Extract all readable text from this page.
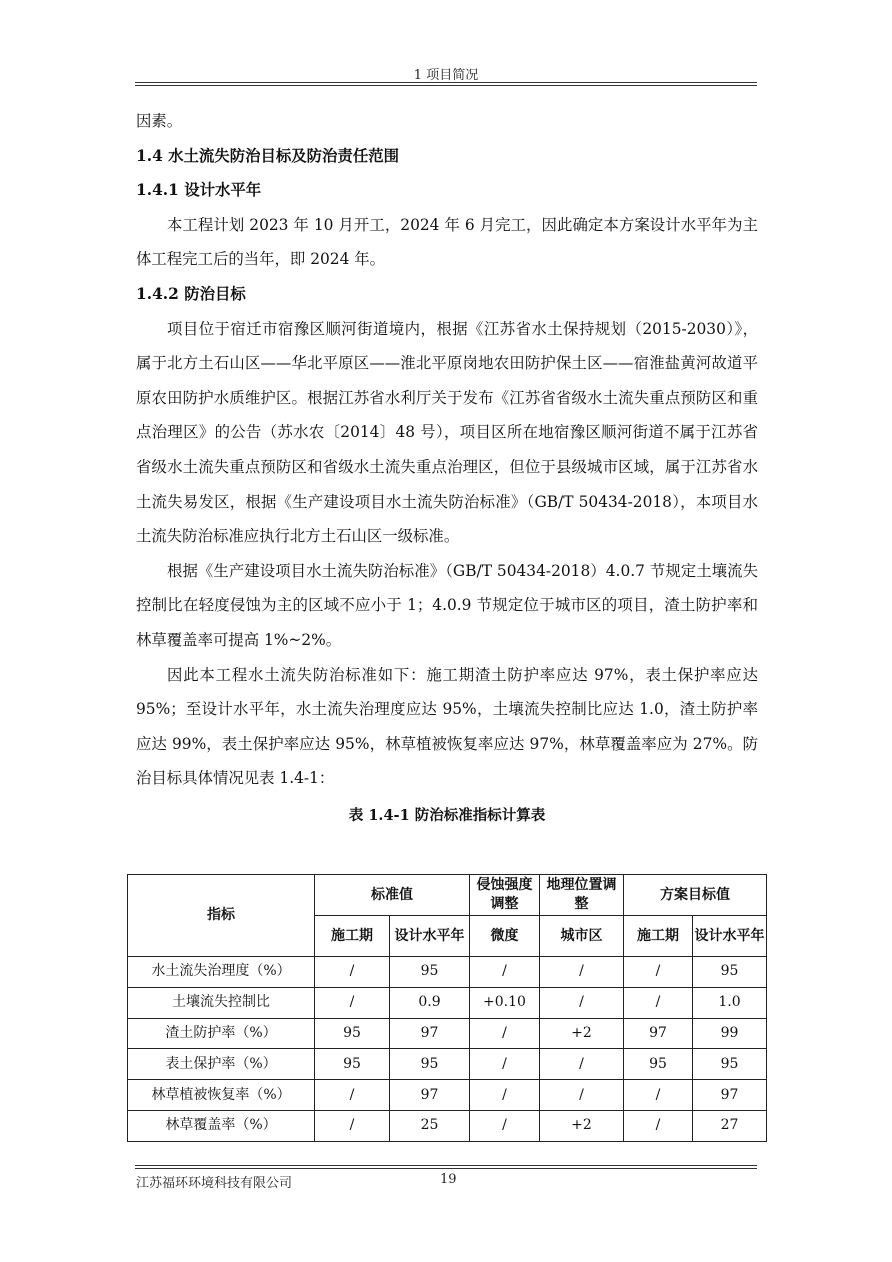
1 项目简况

因素。

1.4 水土流失防治目标及防治责任范围

1.4.1 设计水平年

本工程计划 2023 年 10 月开工，2024 年 6 月完工，因此确定本方案设计水平年为主体工程完工后的当年，即 2024 年。

1.4.2 防治目标

项目位于宿迁市宿豫区顺河街道境内，根据《江苏省水土保持规划（2015-2030）》，属于北方土石山区——华北平原区——淮北平原岗地农田防护保土区——宿淮盐黄河故道平原农田防护水质维护区。根据江苏省水利厅关于发布《江苏省省级水土流失重点预防区和重点治理区》的公告（苏水农〔2014〕48 号），项目区所在地宿豫区顺河街道不属于江苏省省级水土流失重点预防区和省级水土流失重点治理区，但位于县级城市区域，属于江苏省水土流失易发区，根据《生产建设项目水土流失防治标准》（GB/T 50434-2018），本项目水土流失防治标准应执行北方土石山区一级标准。

根据《生产建设项目水土流失防治标准》（GB/T 50434-2018）4.0.7 节规定土壤流失控制比在轻度侵蚀为主的区域不应小于 1；4.0.9 节规定位于城市区的项目，渣土防护率和林草覆盖率可提高 1%~2%。

因此本工程水土流失防治标准如下：施工期渣土防护率应达 97%，表土保护率应达 95%；至设计水平年，水土流失治理度应达 95%，土壤流失控制比应达 1.0，渣土防护率应达 99%，表土保护率应达 95%，林草植被恢复率应达 97%，林草覆盖率应为 27%。防治目标具体情况见表 1.4-1：

表 1.4-1 防治标准指标计算表
指标	标准值		侵蚀强度调整	地理位置调整	方案目标值	
	施工期	设计水平年	微度	城市区	施工期	设计水平年
水土流失治理度（%）	/	95	/	/	/	95
土壤流失控制比	/	0.9	+0.10	/	/	1.0
渣土防护率（%）	95	97	/	+2	97	99
表土保护率（%）	95	95	/	/	95	95
林草植被恢复率（%）	/	97	/	/	/	97
林草覆盖率（%）	/	25	/	+2	/	27
江苏福环环境科技有限公司	19
